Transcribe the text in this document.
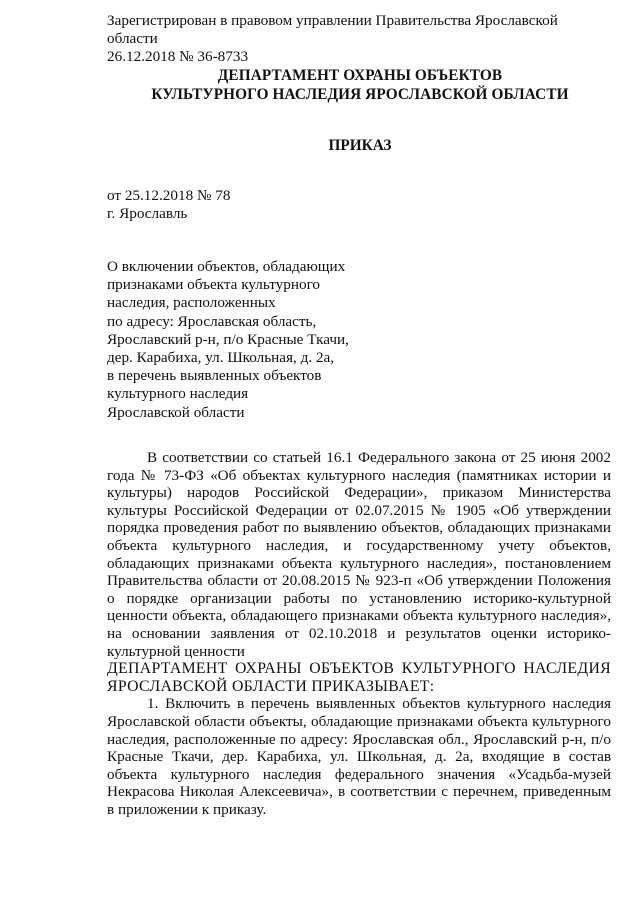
Зарегистрирован в правовом управлении Правительства Ярославской области
26.12.2018 № 36-8733
ДЕПАРТАМЕНТ ОХРАНЫ ОБЪЕКТОВ
КУЛЬТУРНОГО НАСЛЕДИЯ ЯРОСЛАВСКОЙ ОБЛАСТИ
ПРИКАЗ
от 25.12.2018 № 78
г. Ярославль
О включении объектов, обладающих
признаками объекта культурного
наследия, расположенных
по адресу: Ярославская область,
Ярославский р-н, п/о Красные Ткачи,
дер. Карабиха, ул. Школьная, д. 2а,
в перечень выявленных объектов
культурного наследия
Ярославской области

В соответствии со статьей 16.1 Федерального закона от 25 июня 2002 года № 73-ФЗ «Об объектах культурного наследия (памятниках истории и культуры) народов Российской Федерации», приказом Министерства культуры Российской Федерации от 02.07.2015 № 1905 «Об утверждении порядка проведения работ по выявлению объектов, обладающих признаками объекта культурного наследия, и государственному учету объектов, обладающих признаками объекта культурного наследия», постановлением Правительства области от 20.08.2015 № 923-п «Об утверждении Положения о порядке организации работы по установлению историко-культурной ценности объекта, обладающего признаками объекта культурного наследия», на основании заявления от 02.10.2018 и результатов оценки историко-культурной ценности

ДЕПАРТАМЕНТ ОХРАНЫ ОБЪЕКТОВ КУЛЬТУРНОГО НАСЛЕДИЯ ЯРОСЛАВСКОЙ ОБЛАСТИ ПРИКАЗЫВАЕТ:

1. Включить в перечень выявленных объектов культурного наследия Ярославской области объекты, обладающие признаками объекта культурного наследия, расположенные по адресу: Ярославская обл., Ярославский р-н, п/о Красные Ткачи, дер. Карабиха, ул. Школьная, д. 2а, входящие в состав объекта культурного наследия федерального значения «Усадьба-музей Некрасова Николая Алексеевича», в соответствии с перечнем, приведенным в приложении к приказу.
